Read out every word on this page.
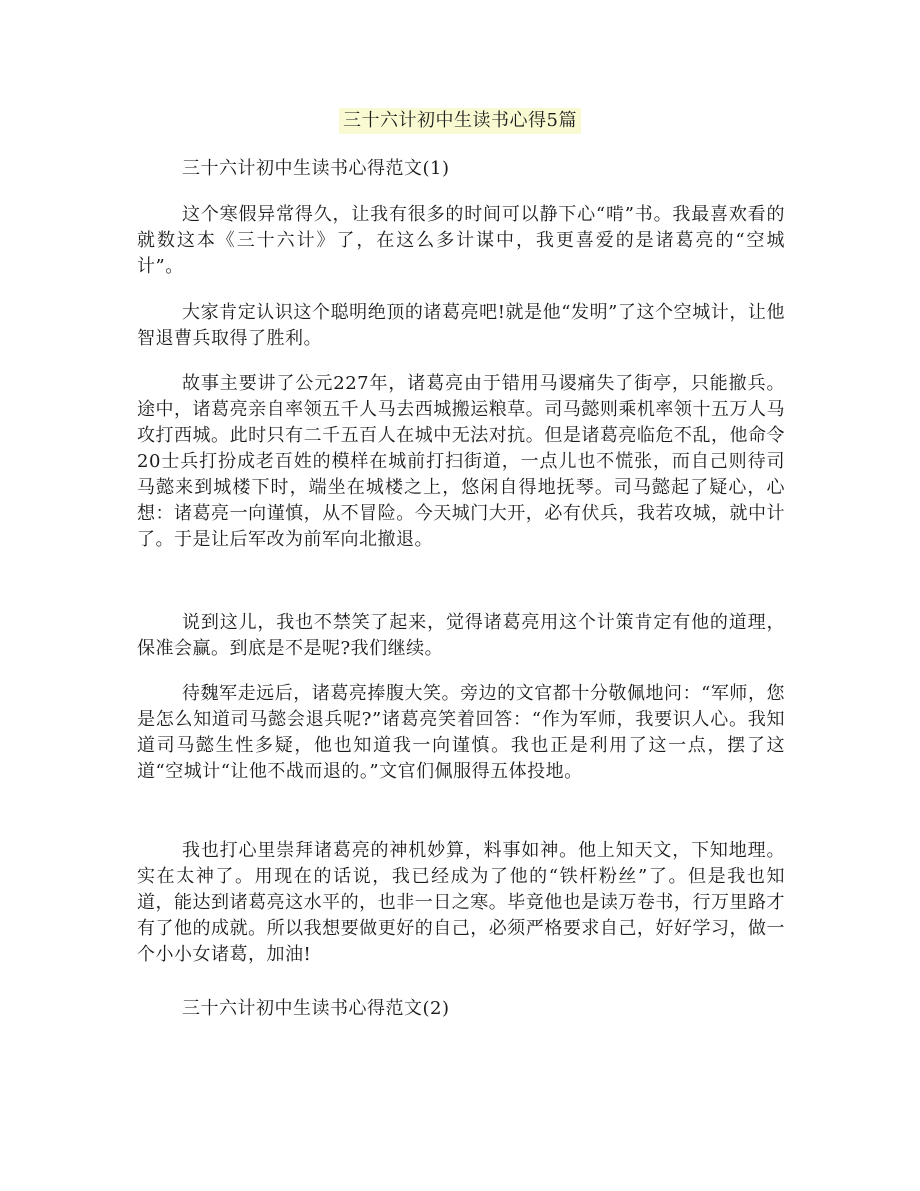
三十六计初中生读书心得5篇
三十六计初中生读书心得范文(1)

这个寒假异常得久，让我有很多的时间可以静下心“啃”书。我最喜欢看的就数这本《三十六计》了，在这么多计谋中，我更喜爱的是诸葛亮的“空城计”。

大家肯定认识这个聪明绝顶的诸葛亮吧!就是他“发明”了这个空城计，让他智退曹兵取得了胜利。

故事主要讲了公元227年，诸葛亮由于错用马谡痛失了街亭，只能撤兵。途中，诸葛亮亲自率领五千人马去西城搬运粮草。司马懿则乘机率领十五万人马攻打西城。此时只有二千五百人在城中无法对抗。但是诸葛亮临危不乱，他命令20士兵打扮成老百姓的模样在城前打扫街道，一点儿也不慌张，而自己则待司马懿来到城楼下时，端坐在城楼之上，悠闲自得地抚琴。司马懿起了疑心，心想：诸葛亮一向谨慎，从不冒险。今天城门大开，必有伏兵，我若攻城，就中计了。于是让后军改为前军向北撤退。

说到这儿，我也不禁笑了起来，觉得诸葛亮用这个计策肯定有他的道理，保准会赢。到底是不是呢?我们继续。

待魏军走远后，诸葛亮捧腹大笑。旁边的文官都十分敬佩地问：“军师，您是怎么知道司马懿会退兵呢?”诸葛亮笑着回答：“作为军师，我要识人心。我知道司马懿生性多疑，他也知道我一向谨慎。我也正是利用了这一点，摆了这道“空城计“让他不战而退的。”文官们佩服得五体投地。

我也打心里崇拜诸葛亮的神机妙算，料事如神。他上知天文，下知地理。实在太神了。用现在的话说，我已经成为了他的“铁杆粉丝”了。但是我也知道，能达到诸葛亮这水平的，也非一日之寒。毕竟他也是读万卷书，行万里路才有了他的成就。所以我想要做更好的自己，必须严格要求自己，好好学习，做一个小小女诸葛，加油!

三十六计初中生读书心得范文(2)
